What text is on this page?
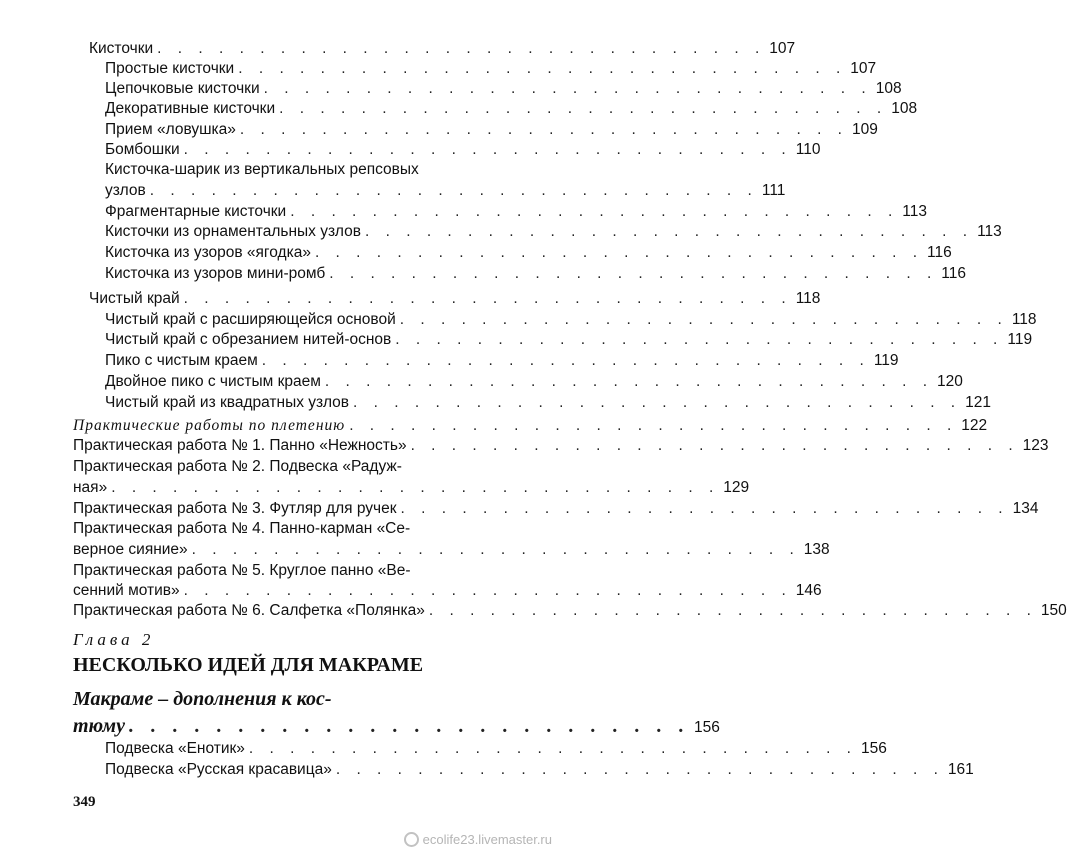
Кисточки . . . . . . . . . . . . . . . . . . . . . . . . . . . . . . 107
Простые кисточки . . . . . . . . . . . . . . . . . . . . . . . . . . . . . . 107
Цепочковые кисточки . . . . . . . . . . . . . . . . . . . . . . . . . . . . . . 108
Декоративные кисточки . . . . . . . . . . . . . . . . . . . . . . . . . . . . . . 108
Прием «ловушка» . . . . . . . . . . . . . . . . . . . . . . . . . . . . . . 109
Бомбошки . . . . . . . . . . . . . . . . . . . . . . . . . . . . . . 110
Кисточка-шарик из вертикальных репсовых
узлов . . . . . . . . . . . . . . . . . . . . . . . . . . . . . . 111
Фрагментарные кисточки . . . . . . . . . . . . . . . . . . . . . . . . . . . . . . 113
Кисточки из орнаментальных узлов . . . . . . . . . . . . . . . . . . . . . . . . . . . . . . 113
Кисточка из узоров «ягодка» . . . . . . . . . . . . . . . . . . . . . . . . . . . . . . 116
Кисточка из узоров мини-ромб . . . . . . . . . . . . . . . . . . . . . . . . . . . . . . 116
Чистый край . . . . . . . . . . . . . . . . . . . . . . . . . . . . . . 118
Чистый край с расширяющейся основой . . . . . . . . . . . . . . . . . . . . . . . . . . . . . . 118
Чистый край с обрезанием нитей-основ . . . . . . . . . . . . . . . . . . . . . . . . . . . . . . 119
Пико с чистым краем . . . . . . . . . . . . . . . . . . . . . . . . . . . . . . 119
Двойное пико с чистым краем . . . . . . . . . . . . . . . . . . . . . . . . . . . . . . 120
Чистый край из квадратных узлов . . . . . . . . . . . . . . . . . . . . . . . . . . . . . . 121
Практические работы по плетению . . . . . . . . . . . . . . . . . . . . . . . . . . . . . . 122
Практическая работа № 1. Панно «Нежность» . . . . . . . . . . . . . . . . . . . . . . . . . . . . . . 123
Практическая работа № 2. Подвеска «Радуж-
ная» . . . . . . . . . . . . . . . . . . . . . . . . . . . . . . 129
Практическая работа № 3. Футляр для ручек . . . . . . . . . . . . . . . . . . . . . . . . . . . . . . 134
Практическая работа № 4. Панно-карман «Се-
верное сияние» . . . . . . . . . . . . . . . . . . . . . . . . . . . . . . 138
Практическая работа № 5. Круглое панно «Ве-
сенний мотив» . . . . . . . . . . . . . . . . . . . . . . . . . . . . . . 146
Практическая работа № 6. Салфетка «Полянка» . . . . . . . . . . . . . . . . . . . . . . . . . . . . . . 150
Глава 2
НЕСКОЛЬКО ИДЕЙ ДЛЯ МАКРАМЕ
Макраме – дополнения к кос-
тюму . . . . . . . . . . . . . . . . . . . . . . . . . . 156
Подвеска «Енотик» . . . . . . . . . . . . . . . . . . . . . . . . . . . . . . 156
Подвеска «Русская красавица» . . . . . . . . . . . . . . . . . . . . . . . . . . . . . . 161
349
ecolife23.livemaster.ru
